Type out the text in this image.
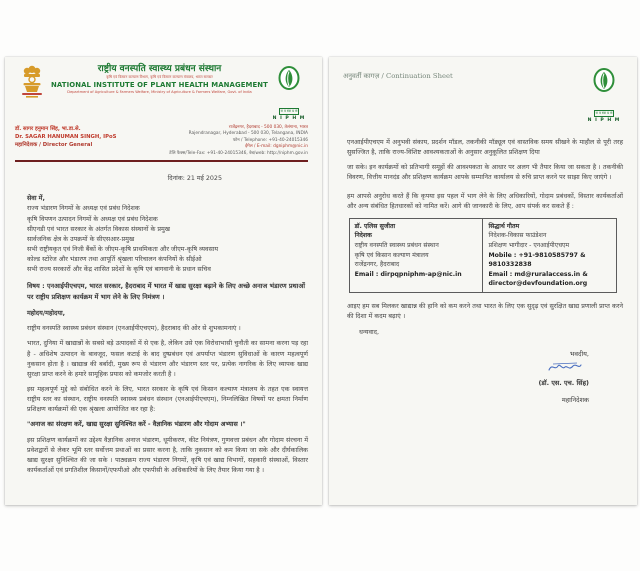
राष्ट्रीय वनस्पति स्वास्थ्य प्रबंधन संस्थान
कृषि एवं किसान कल्याण विभाग, कृषि एवं किसान कल्याण मंत्रालय, भारत सरकार
NATIONAL INSTITUTE OF PLANT HEALTH MANAGEMENT
Department of Agriculture & Farmers Welfare, Ministry of Agriculture & Farmers Welfare, Govt. of India
रा व स्वा प्र सं
N I P H M
डॉ. सागर हनुमान सिंह, भा.डा.से.
Dr. SAGAR HANUMAN SINGH, IPoS
महानिदेशक / Director General
राजेंद्रनगर, हैदराबाद - 500 030, तेलंगाना, भारत
Rajendranagar, Hyderabad - 500 030, Telangana, INDIA
फोन / Telephone: +91-40-24015346
ईमेल / E-mail: dgniphm@nic.in
टेलि फैक्स/Tele-Fax: +91-40-24015346, वेब/web: http://niphm.gov.in
दिनांक: 21 मई 2025
सेवा में,
राज्य भंडारण निगमों के अध्यक्ष एवं प्रबंध निदेशक
कृषि विपणन उत्पादन निगमों के अध्यक्ष एवं प्रबंध निदेशक
सीएनडी एवं भारत सरकार के अंतर्गत विकास संस्थानों के प्रमुख
सार्वजनिक क्षेत्र के उपक्रमों के सीएसआर-प्रमुख
सभी राष्ट्रीयकृत एवं निजी बैंकों के जीएम-कृषि प्राथमिकता और जीएम-कृषि व्यवसाय
कोल्ड स्टोरेज और भंडारण तथा आपूर्ति श्रृंखला परिचालन कंपनियों के सीईओ
सभी राज्य सरकारों और केंद्र शासित प्रदेशों के कृषि एवं बागवानी के प्रधान सचिव
विषय : एनआईपीएचएम, भारत सरकार, हैदराबाद में भारत में खाद्य सुरक्षा बढ़ाने के लिए अच्छे अनाज भंडारण प्रथाओं पर राष्ट्रीय प्रशिक्षण कार्यक्रम में भाग लेने के लिए निमंत्रण ।
महोदय/महोदया,
राष्ट्रीय वनस्पति स्वास्थ्य प्रबंधन संस्थान (एनआईपीएचएम), हैदराबाद की ओर से शुभकामनाएं ।
भारत, दुनिया में खाद्यान्नों के सबसे बड़े उत्पादकों में से एक है, लेकिन उसे एक विरोधाभासी चुनौती का सामना करना पड़ रहा है - अधिशेष उत्पादन के बावजूद, फसल कटाई के बाद दुष्प्रबंधन एवं अपर्याप्त भंडारण सुविधाओं के कारण महत्वपूर्ण नुकसान होता है । खाद्यान्न की बर्बादी, मुख्य रूप से भंडारण और भंडारण स्तर पर, प्रत्येक नागरिक के लिए व्यापक खाद्य सुरक्षा प्राप्त करने के हमारे सामूहिक प्रयास को कमजोर करती है ।
इस महत्वपूर्ण मुद्दे को संबोधित करने के लिए, भारत सरकार के कृषि एवं किसान कल्याण मंत्रालय के तहत एक स्वायत्त राष्ट्रीय स्तर का संस्थान, राष्ट्रीय वनस्पति स्वास्थ्य प्रबंधन संस्थान (एनआईपीएचएम), निम्नलिखित विषयों पर क्षमता निर्माण प्रशिक्षण कार्यक्रमों की एक श्रृंखला आयोजित कर रहा है:
"अनाज का संरक्षण करें, खाद्य सुरक्षा सुनिश्चित करें - वैज्ञानिक भंडारण और गोदाम अभ्यास ।"
इस प्रशिक्षण कार्यक्रमों का उद्देश्य वैज्ञानिक अनाज भंडारण, धूमीकरण, कीट नियंत्रण, गुणवत्ता प्रबंधन और गोदाम संरचना में प्रवेशद्वारों से लेकर भूमि स्तर सर्वोत्तम प्रथाओं का प्रसार करना है, ताकि नुकसान को कम किया जा सके और दीर्घकालिक खाद्य सुरक्षा सुनिश्चित की जा सके । पाठ्यक्रम राज्य भंडारण निगमों, कृषि एवं खाद्य विभागों, सहकारी संस्थाओं, विस्तार कार्यकर्ताओं एवं प्रगतिशील किसानों/एफपीओ और एफपीसी के अधिकारियों के लिए तैयार किया गया है ।
अनुवर्ती कागज़ / Continuation Sheet
रा व स्वा प्र सं
N I P H M
एनआईपीएचएम में अनुभवी संकाय, प्रदर्शन मॉडल, तकनीकी मॉड्यूल एवं वास्तविक समय सीखने के माहौल से पूरी तरह सुसज्जित है, ताकि राज्य-विशिष्ट आवश्यकताओं के अनुसार अनुकूलित प्रशिक्षण दिया
जा सके। इन कार्यक्रमों को प्रतिभागी समूहों की आवश्यकता के आधार पर अलग भी तैयार किया जा सकता है । तकनीकी विवरण, वित्तीय मानदंड और प्रशिक्षण कार्यक्रम आपके सम्मानित कार्यालय से रुचि प्राप्त करने पर साझा किए जाएंगे ।
हम आपसे अनुरोध करते हैं कि कृपया इस पहल में भाग लेने के लिए अधिकारियों, गोदाम प्रबंधकों, विस्तार कार्यकर्ताओं और अन्य संबंधित हितधारकों को नामित करें। आगे की जानकारी के लिए, आप संपर्क कर सकते हैं :
डॉ. एलिस सुजीता
निदेशक
राष्ट्रीय वनस्पति स्वास्थ्य प्रबंधन संस्थान
कृषि एवं किसान कल्याण मंत्रालय
राजेंद्रनगर, हैदराबाद
Email : dirpqpniphm-ap@nic.in

सिद्धार्थ गौतम
निदेशक-विकास फाउंडेशन
प्रशिक्षण भागीदार - एनआईपीएचएम
Mobile : +91-9810585797 & 9810332838
Email : md@ruralaccess.in & director@devfoundation.org
आइए हम सब मिलकर खाद्यान्न की हानि को कम करने तथा भारत के लिए एक सुदृढ़ एवं सुरक्षित खाद्य प्रणाली प्राप्त करने की दिशा में कदम बढ़ाएं ।
धन्यवाद,
भवदीय,
(डॉ. एस. एच. सिंह)
महानिदेशक
